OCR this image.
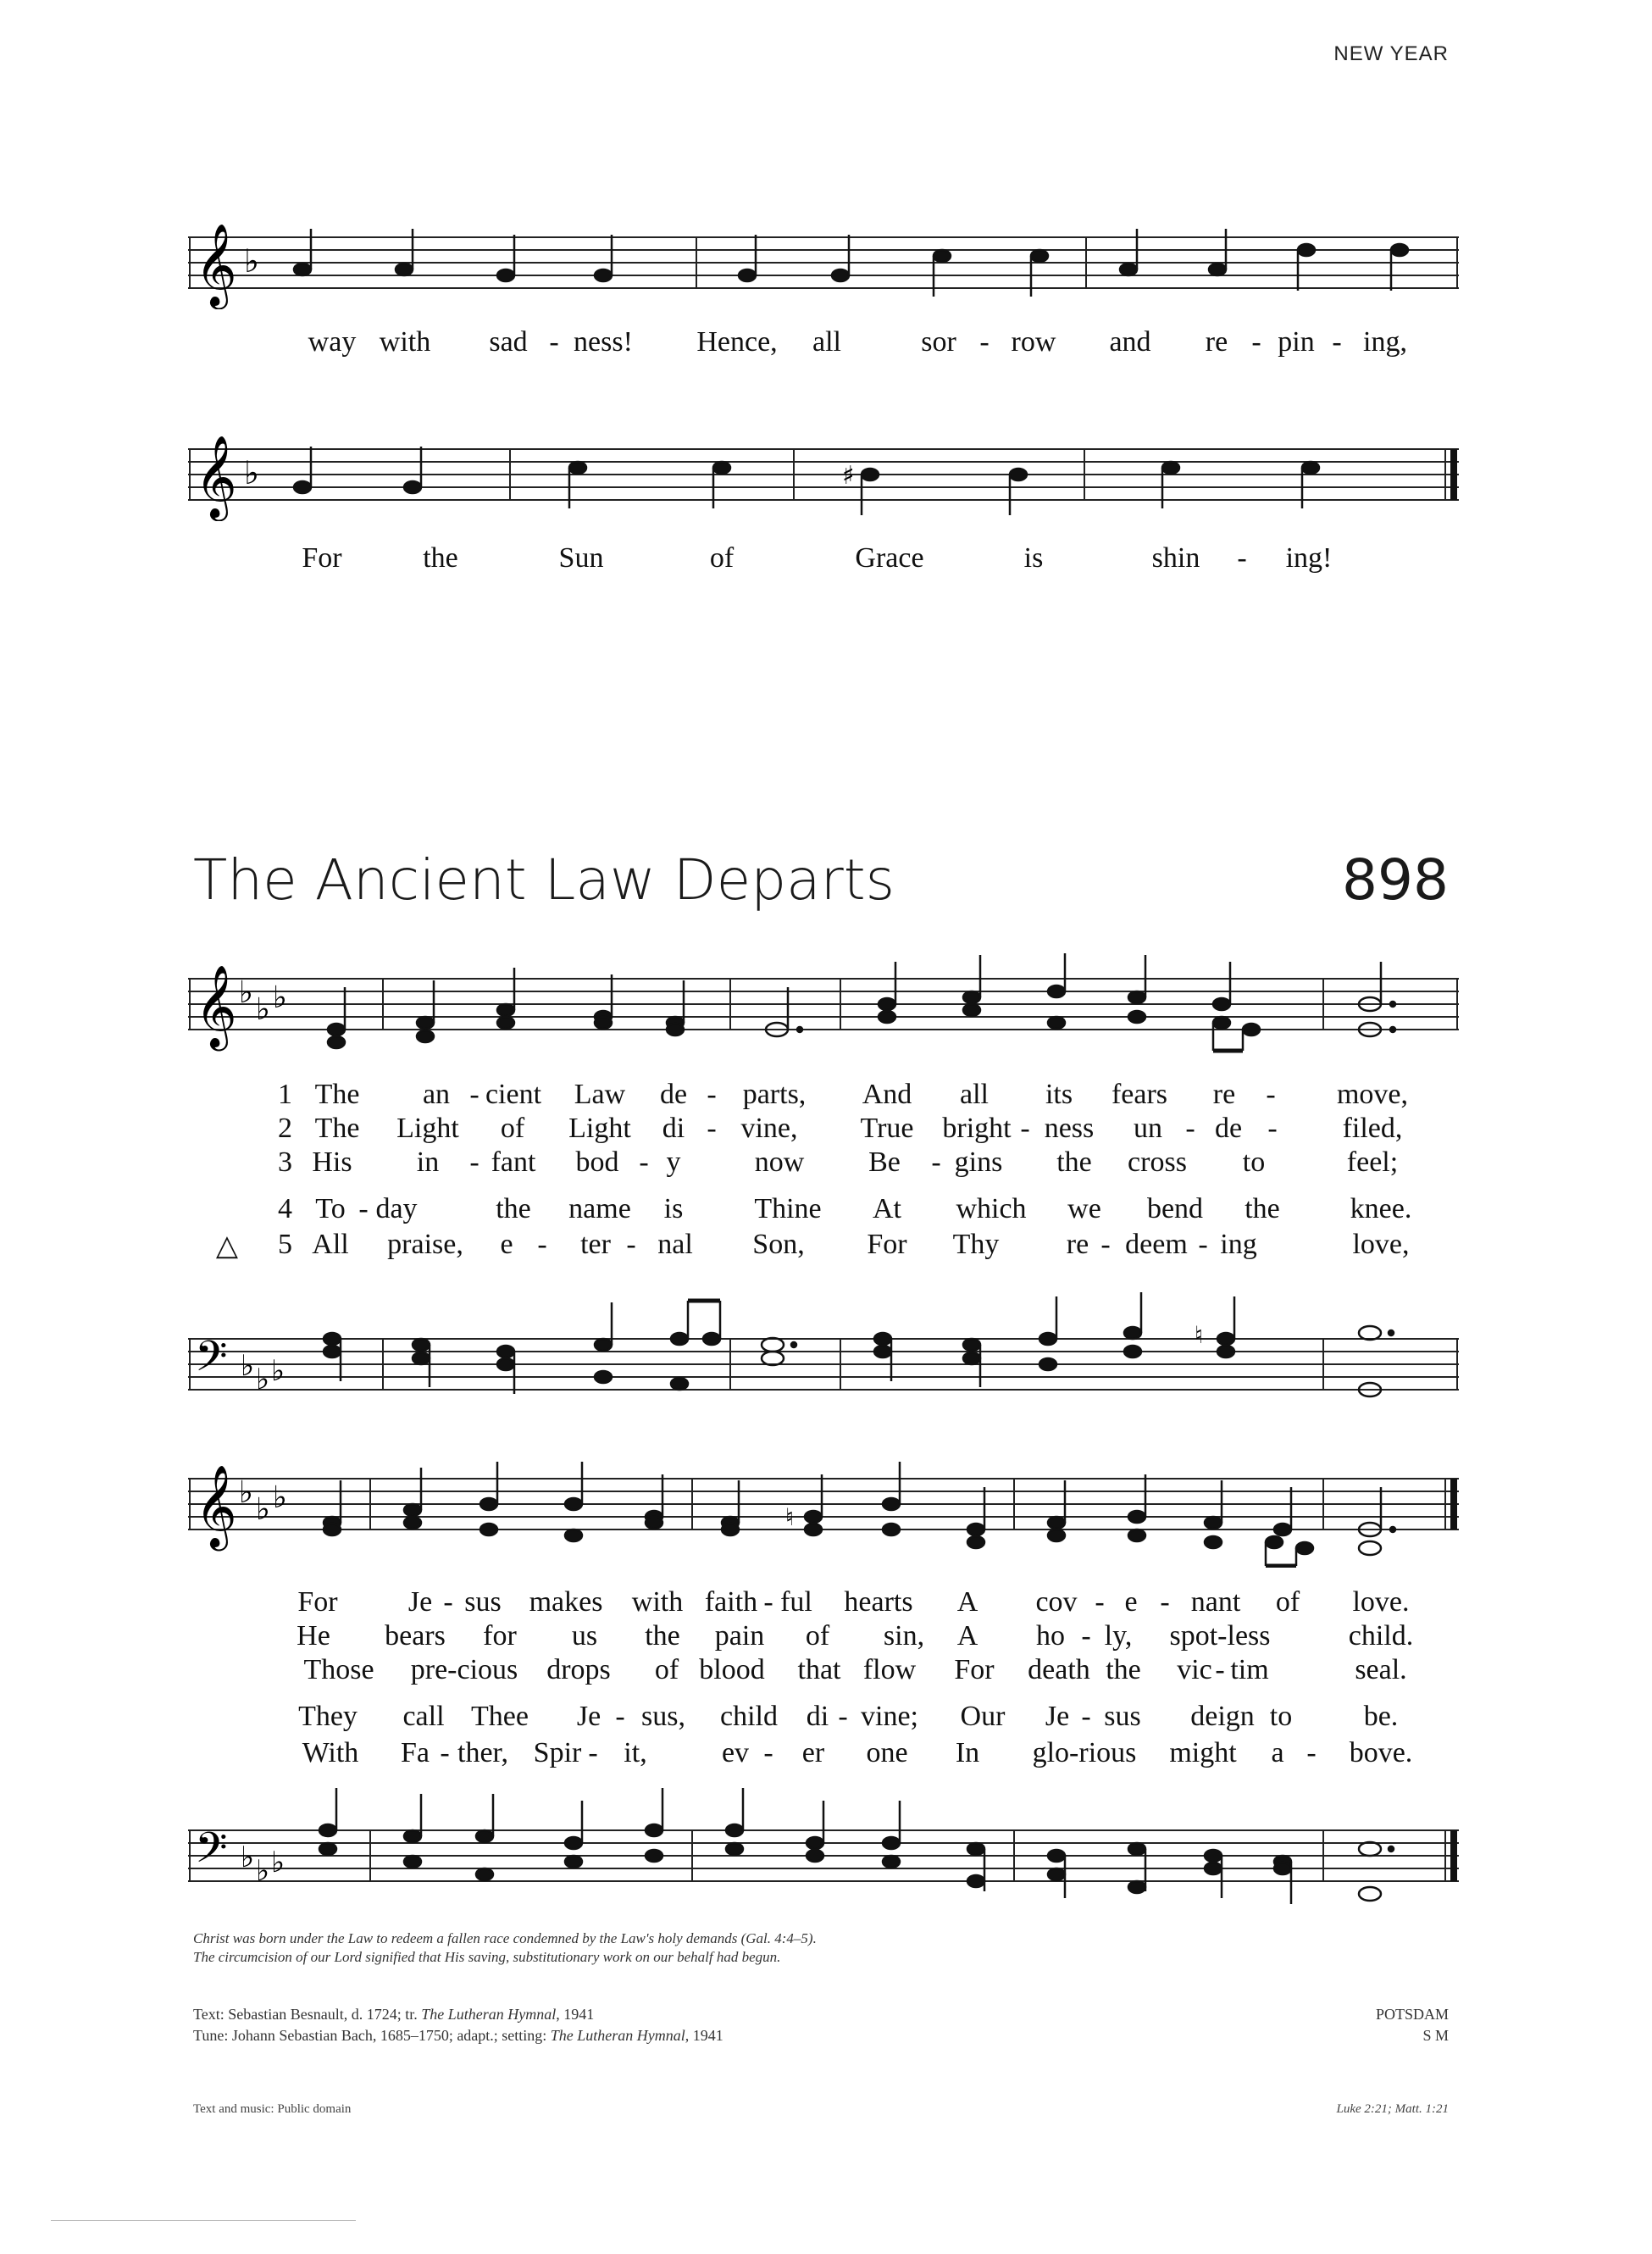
NEW YEAR
𝄞 ♭
way with sad - ness! Hence, all	sor - row and re - pin - ing,
𝄞 ♭	♯
For	the	Sun	of	Grace	is	shin - ing!
The Ancient Law Departs	898
𝄞 ♭ ♭ ♭
1 The an - cient Law de - parts, And all its fears re - move,
2 The Light of Light di - vine, True bright - ness un - de - filed,
3 His in - fant bod - y	now Be - gins the cross to	feel;
4 To - day	the name is Thine At which we bend the knee.
△ 5 All praise, e - ter - nal Son, For Thy re - deem - ing	love,
𝄢 ♭ ♭ ♭
♮
𝄞 ♭ ♭ ♭
♮
For Je - sus makes with faith - ful hearts A cov - e - nant of love.
He bears for us the pain of sin, A ho - ly, spot-less	child.
Those pre-cious drops of blood that flow For death the vic - tim	seal.
They call Thee Je - sus, child di - vine; Our Je - sus deign to be.
With Fa - ther, Spir - it,	ev - er one In glo-rious might a - bove.
𝄢 ♭ ♭ ♭
Christ was born under the Law to redeem a fallen race condemned by the Law's holy demands (Gal. 4:4–5).
The circumcision of our Lord signified that His saving, substitutionary work on our behalf had begun.
Text: Sebastian Besnault, d. 1724; tr. The Lutheran Hymnal, 1941
Tune: Johann Sebastian Bach, 1685–1750; adapt.; setting: The Lutheran Hymnal, 1941
POTSDAM
S M
Text and music: Public domain	Luke 2:21; Matt. 1:21
